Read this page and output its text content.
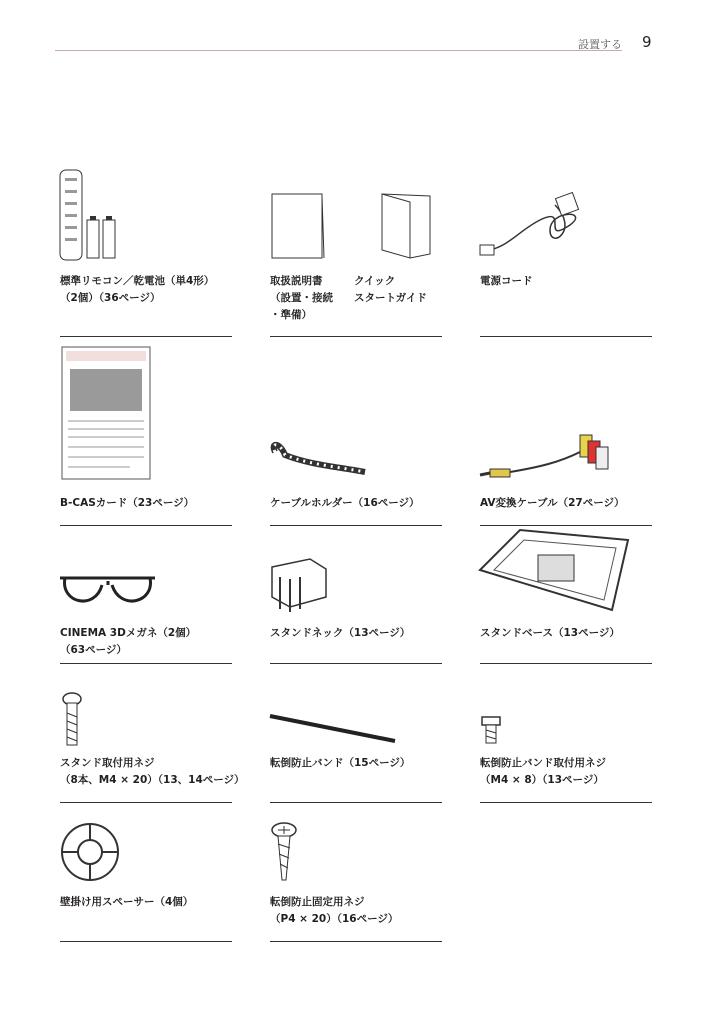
設置する 9
標準リモコン／乾電池（単4形）
（2個）（36ページ）
取扱説明書
（設置・接続
・準備）
クイック
スタートガイド
電源コード
B-CASカード（23ページ）	ケーブルホルダー（16ページ）	AV変換ケーブル（27ページ）
CINEMA 3Dメガネ（2個）
（63ページ）
スタンドネック（13ページ）	スタンドベース（13ページ）
スタンド取付用ネジ
（8本、M4 × 20）（13、14ページ）
転倒防止バンド（15ページ）	転倒防止バンド取付用ネジ
（M4 × 8）（13ページ）
壁掛け用スペーサー（4個）	転倒防止固定用ネジ
（P4 × 20）（16ページ）
